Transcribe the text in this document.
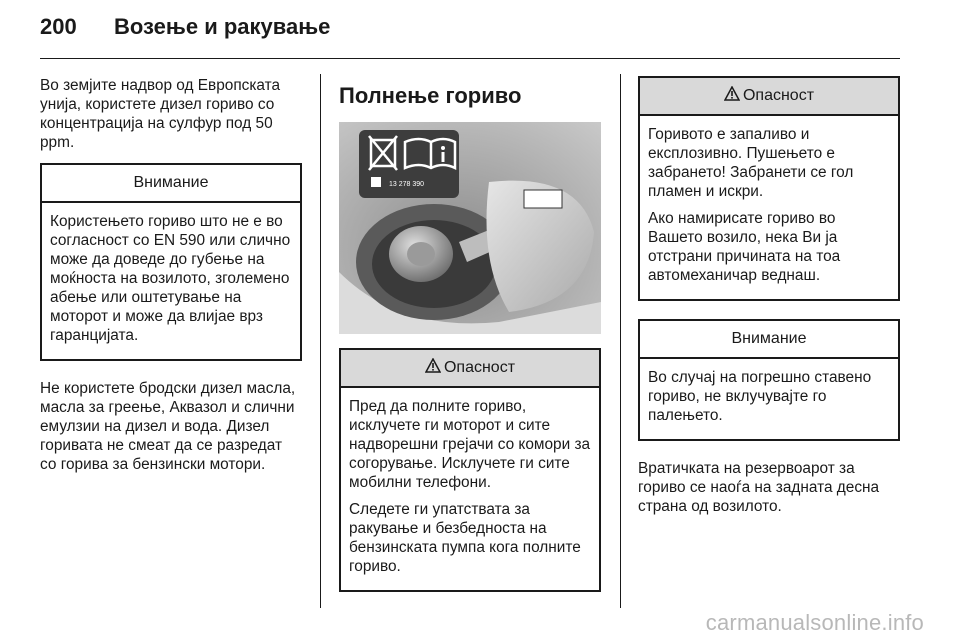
200 Возење и ракување

Во земјите надвор од Европската унија, користете дизел гориво со концентрација на сулфур под 50 ppm.

Внимание

Користењето гориво што не е во согласност со EN 590 или слично може да доведе до губење на моќноста на возилото, зголемено абење или оштетување на моторот и може да влијае врз гаранцијата.

Не користете бродски дизел масла, масла за греење, Аквазол и слични емулзии на дизел и вода. Дизел горивата не смеат да се разредат со горива за бензински мотори.

Полнење гориво
13 278 390
Опасност

Пред да полните гориво, исклучете ги моторот и сите надворешни грејачи со комори за согорување. Исклучете ги сите мобилни телефони.

Следете ги упатствата за ракување и безбедноста на бензинската пумпа кога полните гориво.

Опасност

Горивото е запаливо и експлозивно. Пушењето е забрането! Забранети се гол пламен и искри.

Ако намирисате гориво во Вашето возило, нека Ви ја отстрани причината на тоа автомеханичар веднаш.

Внимание

Во случај на погрешно ставено гориво, не вклучувајте го палењето.

Вратичката на резервоарот за гориво се наоѓа на задната десна страна од возилото.

carmanualsonline.info
